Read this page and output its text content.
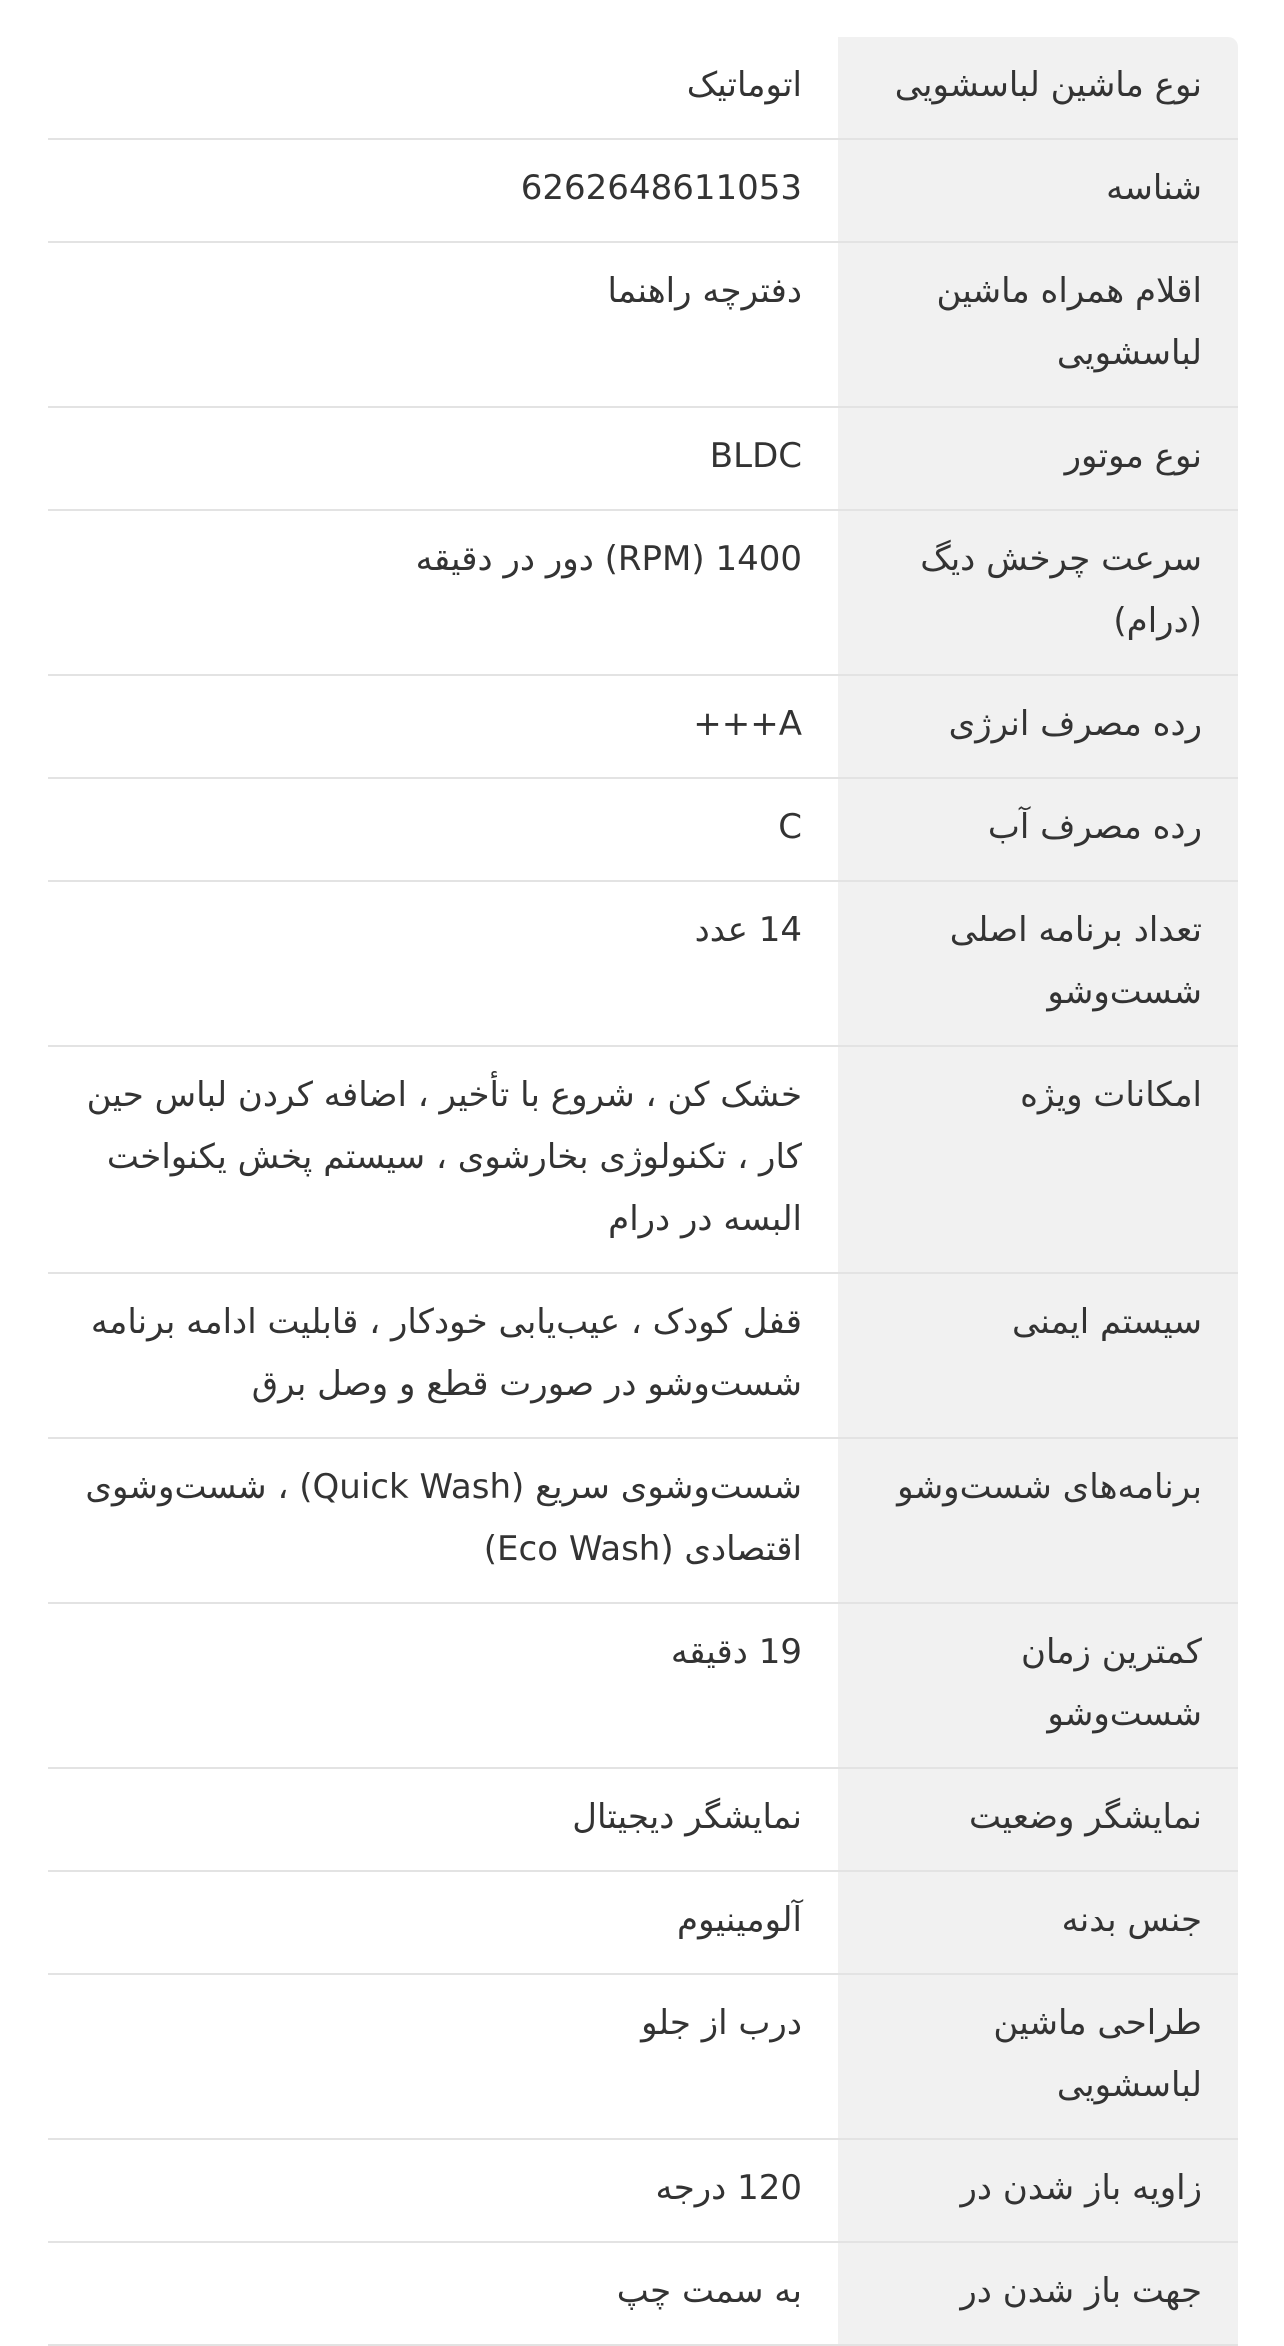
نوع ماشین لباسشویی	اتوماتیک
شناسه	6262648611053
اقلام همراه ماشین لباسشویی	دفترچه راهنما
نوع موتور	BLDC
سرعت چرخش دیگ (درام)	1400 (RPM) دور در دقیقه
رده مصرف انرژی	A+++
رده مصرف آب	C
تعداد برنامه اصلی شست‌وشو	14 عدد
امکانات ویژه	خشک کن ، شروع با تأخیر ، اضافه کردن لباس حین کار ، تکنولوژی بخارشوی ، سیستم پخش یکنواخت البسه در درام
سیستم ایمنی	قفل کودک ، عیب‌یابی خودکار ، قابلیت ادامه برنامه شست‌وشو در صورت قطع و وصل برق
برنامه‌های شست‌وشو	شست‌وشوی سریع (Quick Wash) ، شست‌وشوی اقتصادی (Eco Wash)
کمترین زمان شست‌وشو	19 دقیقه
نمایشگر وضعیت	نمایشگر دیجیتال
جنس بدنه	آلومینیوم
طراحی ماشین لباسشویی	درب از جلو
زاویه باز شدن در	120 درجه
جهت باز شدن در	به سمت چپ
